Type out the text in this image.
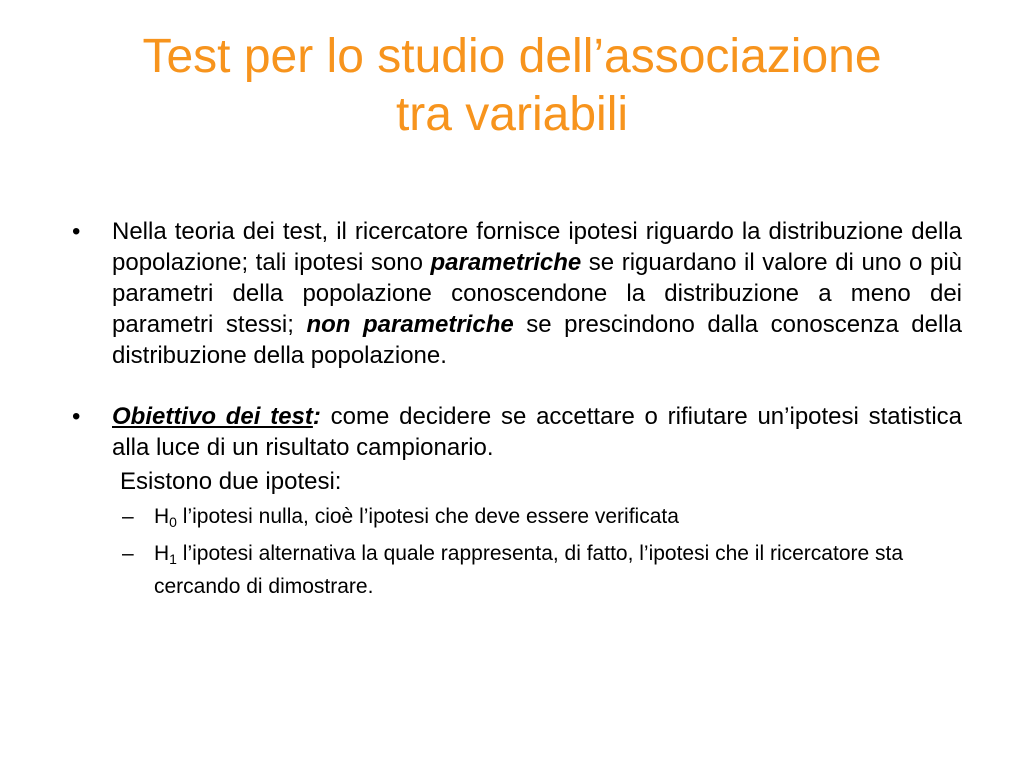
Test per lo studio dell’associazione
tra variabili

• Nella teoria dei test, il ricercatore fornisce ipotesi riguardo la distribuzione della popolazione; tali ipotesi sono parametriche se riguardano il valore di uno o più parametri della popolazione conoscendone la distribuzione a meno dei parametri stessi; non parametriche se prescindono dalla conoscenza della distribuzione della popolazione.

• Obiettivo dei test: come decidere se accettare o rifiutare un’ipotesi statistica alla luce di un risultato campionario.

Esistono due ipotesi:
– $H_0$ l’ipotesi nulla, cioè l’ipotesi che deve essere verificata
– $H_1$ l’ipotesi alternativa la quale rappresenta, di fatto, l’ipotesi che il ricercatore sta cercando di dimostrare.
